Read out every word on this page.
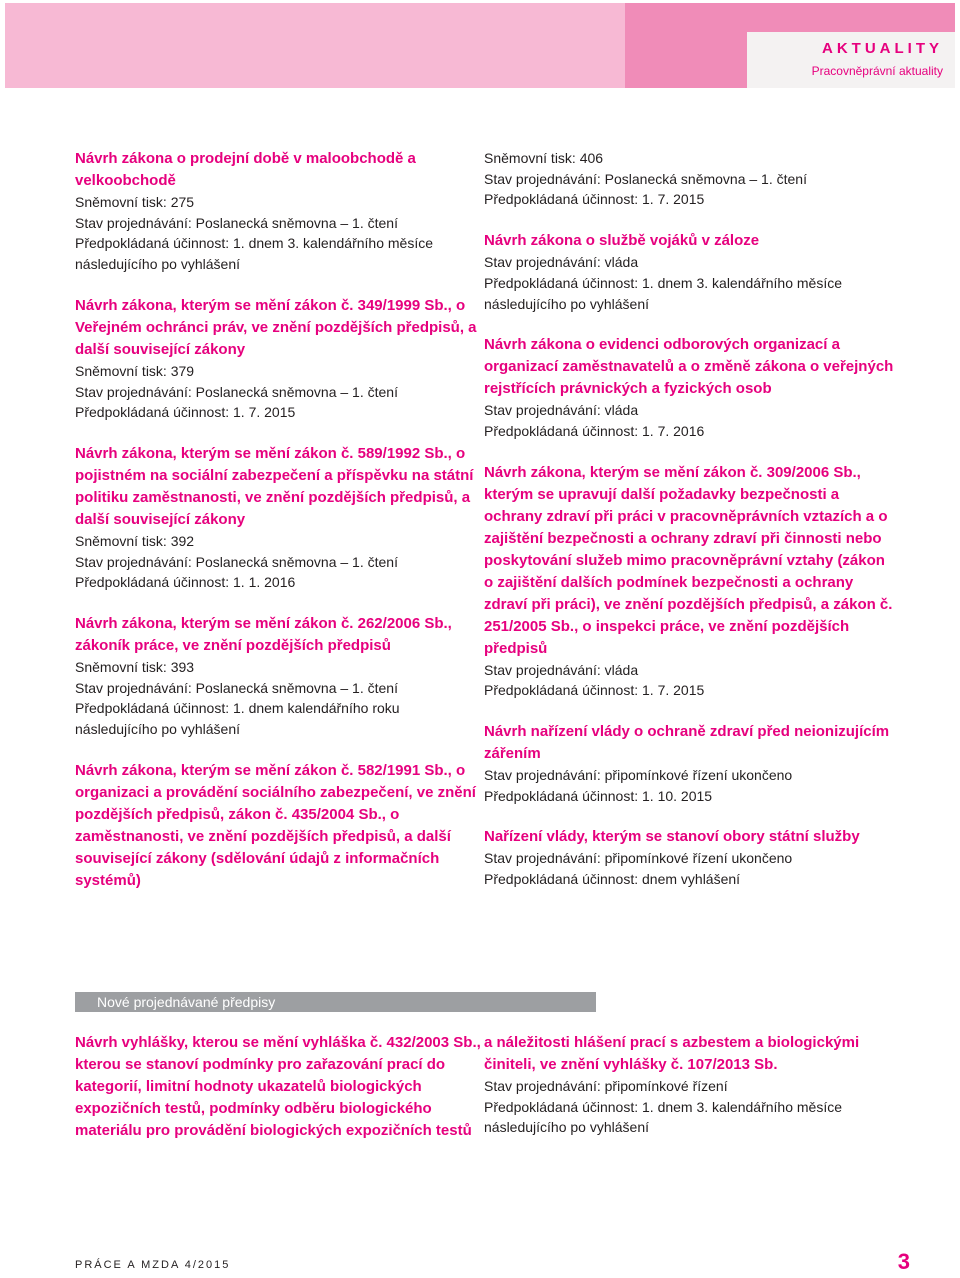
AKTUALITY
Pracovněprávní aktuality
Návrh zákona o prodejní době v maloobchodě a velkoobchodě
Sněmovní tisk: 275
Stav projednávání: Poslanecká sněmovna – 1. čtení
Předpokládaná účinnost: 1. dnem 3. kalendářního měsíce následujícího po vyhlášení
Návrh zákona, kterým se mění zákon č. 349/1999 Sb., o Veřejném ochránci práv, ve znění pozdějších předpisů, a další související zákony
Sněmovní tisk: 379
Stav projednávání: Poslanecká sněmovna – 1. čtení
Předpokládaná účinnost: 1. 7. 2015
Návrh zákona, kterým se mění zákon č. 589/1992 Sb., o pojistném na sociální zabezpečení a příspěvku na státní politiku zaměstnanosti, ve znění pozdějších předpisů, a další související zákony
Sněmovní tisk: 392
Stav projednávání: Poslanecká sněmovna – 1. čtení
Předpokládaná účinnost: 1. 1. 2016
Návrh zákona, kterým se mění zákon č. 262/2006 Sb., zákoník práce, ve znění pozdějších předpisů
Sněmovní tisk: 393
Stav projednávání: Poslanecká sněmovna – 1. čtení
Předpokládaná účinnost: 1. dnem kalendářního roku následujícího po vyhlášení
Návrh zákona, kterým se mění zákon č. 582/1991 Sb., o organizaci a provádění sociálního zabezpečení, ve znění pozdějších předpisů, zákon č. 435/2004 Sb., o zaměstnanosti, ve znění pozdějších předpisů, a další související zákony (sdělování údajů z informačních systémů)
Sněmovní tisk: 406
Stav projednávání: Poslanecká sněmovna – 1. čtení
Předpokládaná účinnost: 1. 7. 2015
Návrh zákona o službě vojáků v záloze
Stav projednávání: vláda
Předpokládaná účinnost: 1. dnem 3. kalendářního měsíce následujícího po vyhlášení
Návrh zákona o evidenci odborových organizací a organizací zaměstnavatelů a o změně zákona o veřejných rejstřících právnických a fyzických osob
Stav projednávání: vláda
Předpokládaná účinnost: 1. 7. 2016
Návrh zákona, kterým se mění zákon č. 309/2006 Sb., kterým se upravují další požadavky bezpečnosti a ochrany zdraví při práci v pracovněprávních vztazích a o zajištění bezpečnosti a ochrany zdraví při činnosti nebo poskytování služeb mimo pracovněprávní vztahy (zákon o zajištění dalších podmínek bezpečnosti a ochrany zdraví při práci), ve znění pozdějších předpisů, a zákon č. 251/2005 Sb., o inspekci práce, ve znění pozdějších předpisů
Stav projednávání: vláda
Předpokládaná účinnost: 1. 7. 2015
Návrh nařízení vlády o ochraně zdraví před neionizujícím zářením
Stav projednávání: připomínkové řízení ukončeno
Předpokládaná účinnost: 1. 10. 2015
Nařízení vlády, kterým se stanoví obory státní služby
Stav projednávání: připomínkové řízení ukončeno
Předpokládaná účinnost: dnem vyhlášení
Nové projednávané předpisy
Návrh vyhlášky, kterou se mění vyhláška č. 432/2003 Sb., kterou se stanoví podmínky pro zařazování prací do kategorií, limitní hodnoty ukazatelů biologických expozičních testů, podmínky odběru biologického materiálu pro provádění biologických expozičních testů
a náležitosti hlášení prací s azbestem a biologickými činiteli, ve znění vyhlášky č. 107/2013 Sb.
Stav projednávání: připomínkové řízení
Předpokládaná účinnost: 1. dnem 3. kalendářního měsíce následujícího po vyhlášení
PRÁCE A MZDA 4/2015	3
